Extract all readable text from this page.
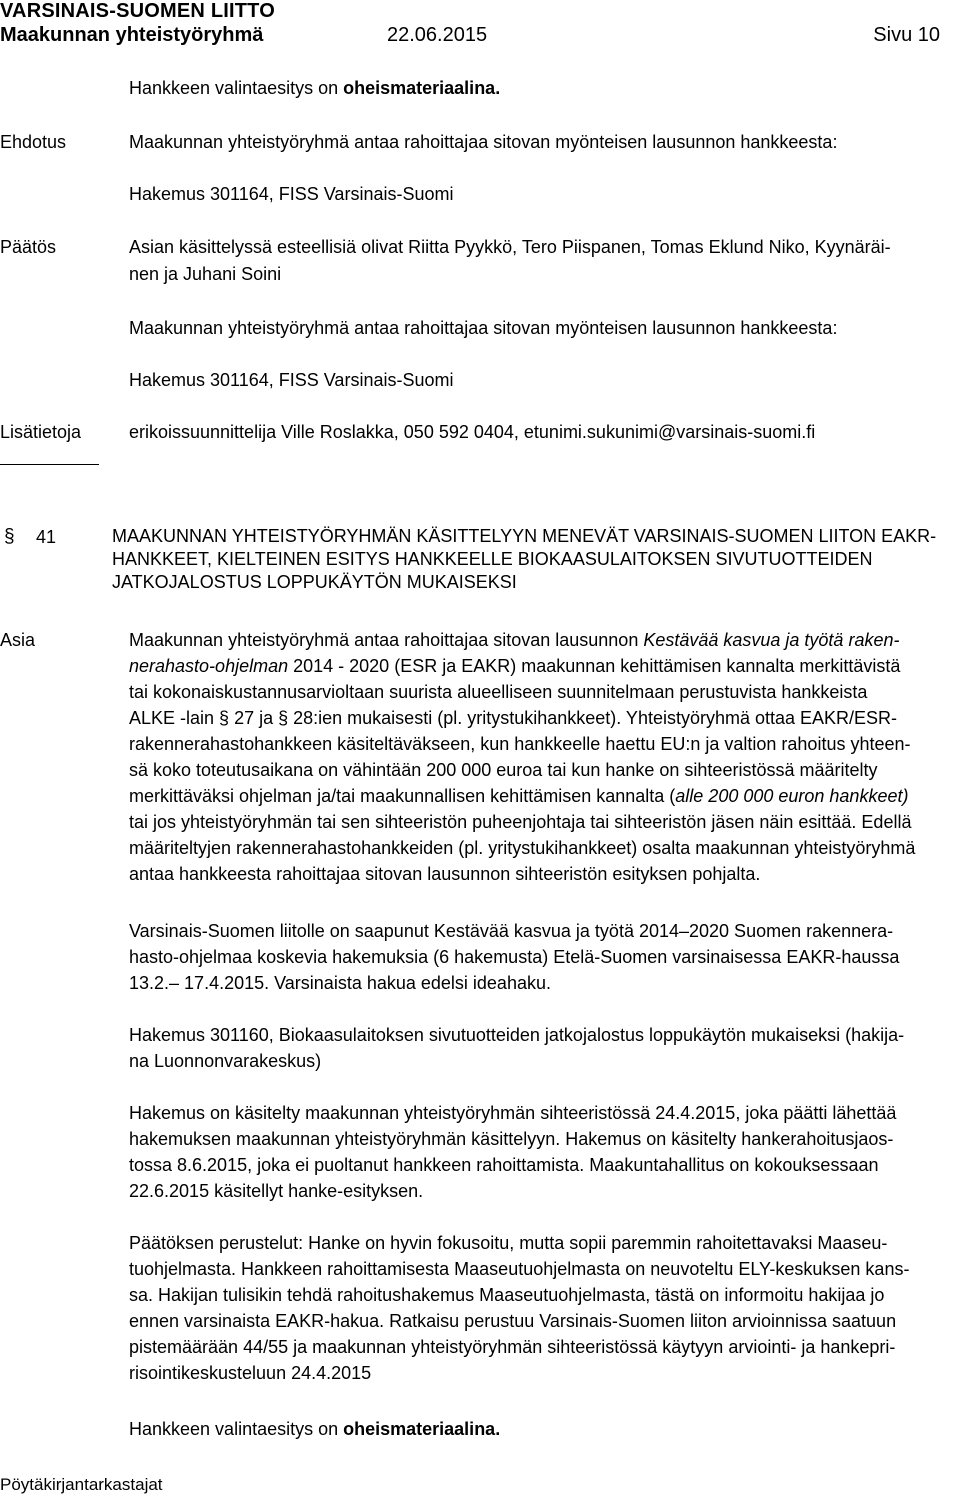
VARSINAIS-SUOMEN LIITTO
Maakunnan yhteistyöryhmä	22.06.2015	Sivu 10
Hankkeen valintaesitys on oheismateriaalina.
Ehdotus	Maakunnan yhteistyöryhmä antaa rahoittajaa sitovan myönteisen lausunnon hankkeesta:
Hakemus 301164, FISS Varsinais-Suomi
Päätös	Asian käsittelyssä esteellisiä olivat Riitta Pyykkö, Tero Piispanen, Tomas Eklund Niko, Kyynäräi-
nen ja Juhani Soini
Maakunnan yhteistyöryhmä antaa rahoittajaa sitovan myönteisen lausunnon hankkeesta:
Hakemus 301164, FISS Varsinais-Suomi
Lisätietoja	erikoissuunnittelija Ville Roslakka, 050 592 0404, etunimi.sukunimi@varsinais-suomi.fi
§ 41	MAAKUNNAN YHTEISTYÖRYHMÄN KÄSITTELYYN MENEVÄT VARSINAIS-SUOMEN LIITON EAKR-
HANKKEET, KIELTEINEN ESITYS HANKKEELLE BIOKAASULAITOKSEN SIVUTUOTTEIDEN
JATKOJALOSTUS LOPPUKÄYTÖN MUKAISEKSI
Asia	Maakunnan yhteistyöryhmä antaa rahoittajaa sitovan lausunnon Kestävää kasvua ja työtä raken-
nerahasto-ohjelman 2014 - 2020 (ESR ja EAKR) maakunnan kehittämisen kannalta merkittävistä
tai kokonaiskustannusarvioltaan suurista alueelliseen suunnitelmaan perustuvista hankkeista
ALKE -lain § 27 ja § 28:ien mukaisesti (pl. yritystukihankkeet). Yhteistyöryhmä ottaa EAKR/ESR-
rakennerahastohankkeen käsiteltäväkseen, kun hankkeelle haettu EU:n ja valtion rahoitus yhteen-
sä koko toteutusaikana on vähintään 200 000 euroa tai kun hanke on sihteeristössä määritelty
merkittäväksi ohjelman ja/tai maakunnallisen kehittämisen kannalta (alle 200 000 euron hankkeet)
tai jos yhteistyöryhmän tai sen sihteeristön puheenjohtaja tai sihteeristön jäsen näin esittää. Edellä
määriteltyjen rakennerahastohankkeiden (pl. yritystukihankkeet) osalta maakunnan yhteistyöryhmä
antaa hankkeesta rahoittajaa sitovan lausunnon sihteeristön esityksen pohjalta.
Varsinais-Suomen liitolle on saapunut Kestävää kasvua ja työtä 2014–2020 Suomen rakennera-
hasto-ohjelmaa koskevia hakemuksia (6 hakemusta) Etelä-Suomen varsinaisessa EAKR-haussa
13.2.– 17.4.2015. Varsinaista hakua edelsi ideahaku.
Hakemus 301160, Biokaasulaitoksen sivutuotteiden jatkojalostus loppukäytön mukaiseksi (hakija-
na Luonnonvarakeskus)
Hakemus on käsitelty maakunnan yhteistyöryhmän sihteeristössä 24.4.2015, joka päätti lähettää
hakemuksen maakunnan yhteistyöryhmän käsittelyyn. Hakemus on käsitelty hankerahoitusjaos-
tossa 8.6.2015, joka ei puoltanut hankkeen rahoittamista. Maakuntahallitus on kokouksessaan
22.6.2015 käsitellyt hanke-esityksen.
Päätöksen perustelut: Hanke on hyvin fokusoitu, mutta sopii paremmin rahoitettavaksi Maaseu-
tuohjelmasta. Hankkeen rahoittamisesta Maaseutuohjelmasta on neuvoteltu ELY-keskuksen kans-
sa. Hakijan tulisikin tehdä rahoitushakemus Maaseutuohjelmasta, tästä on informoitu hakijaa jo
ennen varsinaista EAKR-hakua. Ratkaisu perustuu Varsinais-Suomen liiton arvioinnissa saatuun
pistemäärään 44/55 ja maakunnan yhteistyöryhmän sihteeristössä käytyyn arviointi- ja hankepri-
risointikeskusteluun 24.4.2015
Hankkeen valintaesitys on oheismateriaalina.
Pöytäkirjantarkastajat
